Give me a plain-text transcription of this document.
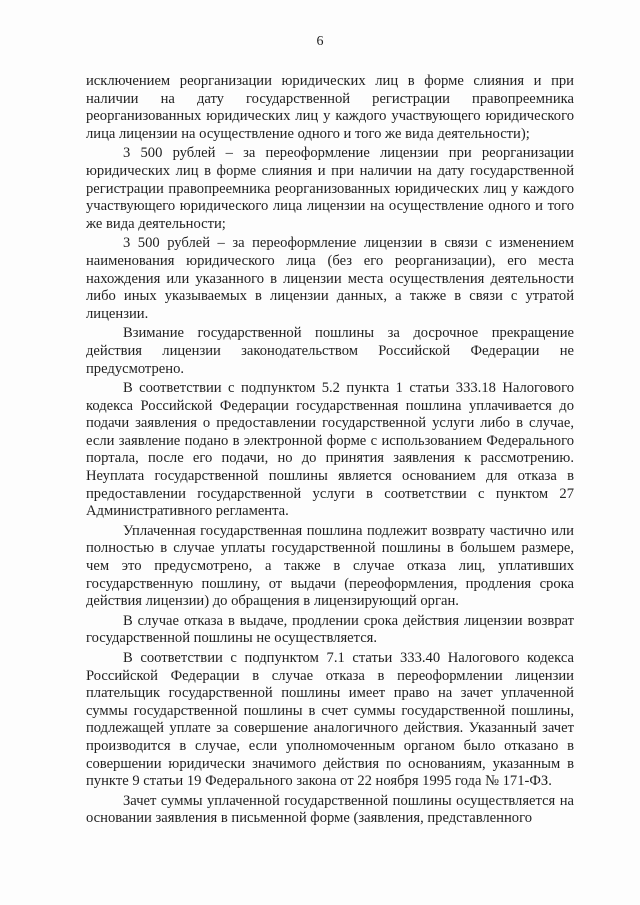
6

исключением реорганизации юридических лиц в форме слияния и при наличии на дату государственной регистрации правопреемника реорганизованных юридических лиц у каждого участвующего юридического лица лицензии на осуществление одного и того же вида деятельности);

3 500 рублей – за переоформление лицензии при реорганизации юридических лиц в форме слияния и при наличии на дату государственной регистрации правопреемника реорганизованных юридических лиц у каждого участвующего юридического лица лицензии на осуществление одного и того же вида деятельности;

3 500 рублей – за переоформление лицензии в связи с изменением наименования юридического лица (без его реорганизации), его места нахождения или указанного в лицензии места осуществления деятельности либо иных указываемых в лицензии данных, а также в связи с утратой лицензии.

Взимание государственной пошлины за досрочное прекращение действия лицензии законодательством Российской Федерации не предусмотрено.

В соответствии с подпунктом 5.2 пункта 1 статьи 333.18 Налогового кодекса Российской Федерации государственная пошлина уплачивается до подачи заявления о предоставлении государственной услуги либо в случае, если заявление подано в электронной форме с использованием Федерального портала, после его подачи, но до принятия заявления к рассмотрению. Неуплата государственной пошлины является основанием для отказа в предоставлении государственной услуги в соответствии с пунктом 27 Административного регламента.

Уплаченная государственная пошлина подлежит возврату частично или полностью в случае уплаты государственной пошлины в большем размере, чем это предусмотрено, а также в случае отказа лиц, уплативших государственную пошлину, от выдачи (переоформления, продления срока действия лицензии) до обращения в лицензирующий орган.

В случае отказа в выдаче, продлении срока действия лицензии возврат государственной пошлины не осуществляется.

В соответствии с подпунктом 7.1 статьи 333.40 Налогового кодекса Российской Федерации в случае отказа в переоформлении лицензии плательщик государственной пошлины имеет право на зачет уплаченной суммы государственной пошлины в счет суммы государственной пошлины, подлежащей уплате за совершение аналогичного действия. Указанный зачет производится в случае, если уполномоченным органом было отказано в совершении юридически значимого действия по основаниям, указанным в пункте 9 статьи 19 Федерального закона от 22 ноября 1995 года № 171-ФЗ.

Зачет суммы уплаченной государственной пошлины осуществляется на основании заявления в письменной форме (заявления, представленного
